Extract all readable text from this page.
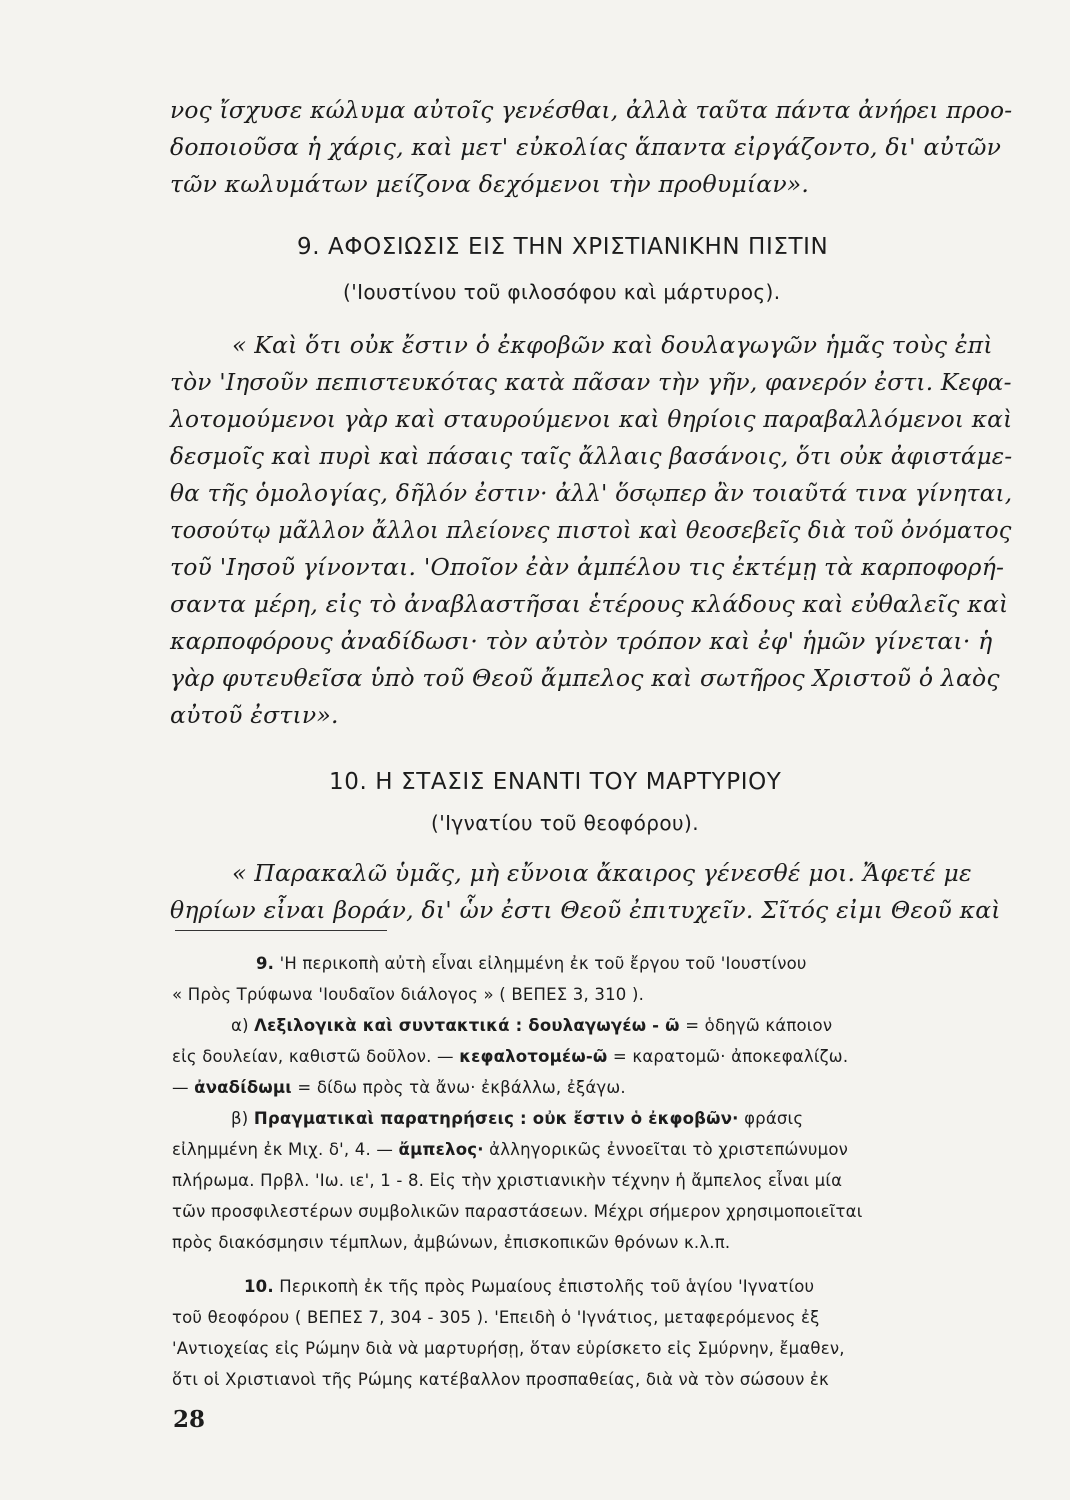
νος ἴσχυσε κώλυμα αὐτοῖς γενέσθαι, ἀλλὰ ταῦτα πάντα ἀνήρει προο-
δοποιοῦσα ἡ χάρις, καὶ μετ' εὐκολίας ἅπαντα εἰργάζοντο, δι' αὐτῶν
τῶν κωλυμάτων μείζονα δεχόμενοι τὴν προθυμίαν».
9. ΑΦΟΣΙΩΣΙΣ ΕΙΣ ΤΗΝ ΧΡΙΣΤΙΑΝΙΚΗΝ ΠΙΣΤΙΝ
('Ιουστίνου τοῦ φιλοσόφου καὶ μάρτυρος).
« Καὶ ὅτι οὐκ ἔστιν ὁ ἐκφοβῶν καὶ δουλαγωγῶν ἡμᾶς τοὺς ἐπὶ
τὸν 'Ιησοῦν πεπιστευκότας κατὰ πᾶσαν τὴν γῆν, φανερόν ἐστι. Κεφα-
λοτομούμενοι γὰρ καὶ σταυρούμενοι καὶ θηρίοις παραβαλλόμενοι καὶ
δεσμοῖς καὶ πυρὶ καὶ πάσαις ταῖς ἄλλαις βασάνοις, ὅτι οὐκ ἀφιστάμε-
θα τῆς ὁμολογίας, δῆλόν ἐστιν· ἀλλ' ὅσῳπερ ἂν τοιαῦτά τινα γίνηται,
τοσούτῳ μᾶλλον ἄλλοι πλείονες πιστοὶ καὶ θεοσεβεῖς διὰ τοῦ ὀνόματος
τοῦ 'Ιησοῦ γίνονται. 'Οποῖον ἐὰν ἀμπέλου τις ἐκτέμῃ τὰ καρποφορή-
σαντα μέρη, εἰς τὸ ἀναβλαστῆσαι ἑτέρους κλάδους καὶ εὐθαλεῖς καὶ
καρποφόρους ἀναδίδωσι· τὸν αὐτὸν τρόπον καὶ ἐφ' ἡμῶν γίνεται· ἡ
γὰρ φυτευθεῖσα ὑπὸ τοῦ Θεοῦ ἄμπελος καὶ σωτῆρος Χριστοῦ ὁ λαὸς
αὐτοῦ ἐστιν».
10. Η ΣΤΑΣΙΣ ΕΝΑΝΤΙ ΤΟΥ ΜΑΡΤΥΡΙΟΥ
('Ιγνατίου τοῦ θεοφόρου).
« Παρακαλῶ ὑμᾶς, μὴ εὔνοια ἄκαιρος γένεσθέ μοι. Ἄφετέ με
θηρίων εἶναι βοράν, δι' ὧν ἐστι Θεοῦ ἐπιτυχεῖν. Σῖτός εἰμι Θεοῦ καὶ
9. 'Η περικοπὴ αὐτὴ εἶναι εἰλημμένη ἐκ τοῦ ἔργου τοῦ 'Ιουστίνου
« Πρὸς Τρύφωνα 'Ιουδαῖον διάλογος » ( ΒΕΠΕΣ 3, 310 ).
α) Λεξιλογικὰ καὶ συντακτικά : δουλαγωγέω - ῶ = ὁδηγῶ κάποιον
εἰς δουλείαν, καθιστῶ δοῦλον. — κεφαλοτομέω-ῶ = καρατομῶ· ἀποκεφαλίζω.
— ἀναδίδωμι = δίδω πρὸς τὰ ἄνω· ἐκβάλλω, ἐξάγω.
β) Πραγματικαὶ παρατηρήσεις : οὐκ ἔστιν ὁ ἐκφοβῶν· φράσις
εἰλημμένη ἐκ Μιχ. δ', 4. — ἄμπελος· ἀλληγορικῶς ἐννοεῖται τὸ χριστεπώνυμον
πλήρωμα. Πρβλ. 'Ιω. ιε', 1 - 8. Εἰς τὴν χριστιανικὴν τέχνην ἡ ἄμπελος εἶναι μία
τῶν προσφιλεστέρων συμβολικῶν παραστάσεων. Μέχρι σήμερον χρησιμοποιεῖται
πρὸς διακόσμησιν τέμπλων, ἀμβώνων, ἐπισκοπικῶν θρόνων κ.λ.π.
10. Περικοπὴ ἐκ τῆς πρὸς Ρωμαίους ἐπιστολῆς τοῦ ἁγίου 'Ιγνατίου
τοῦ θεοφόρου ( ΒΕΠΕΣ 7, 304 - 305 ). 'Επειδὴ ὁ 'Ιγνάτιος, μεταφερόμενος ἐξ
'Αντιοχείας εἰς Ρώμην διὰ νὰ μαρτυρήσῃ, ὅταν εὑρίσκετο εἰς Σμύρνην, ἔμαθεν,
ὅτι οἱ Χριστιανοὶ τῆς Ρώμης κατέβαλλον προσπαθείας, διὰ νὰ τὸν σώσουν ἐκ
28
